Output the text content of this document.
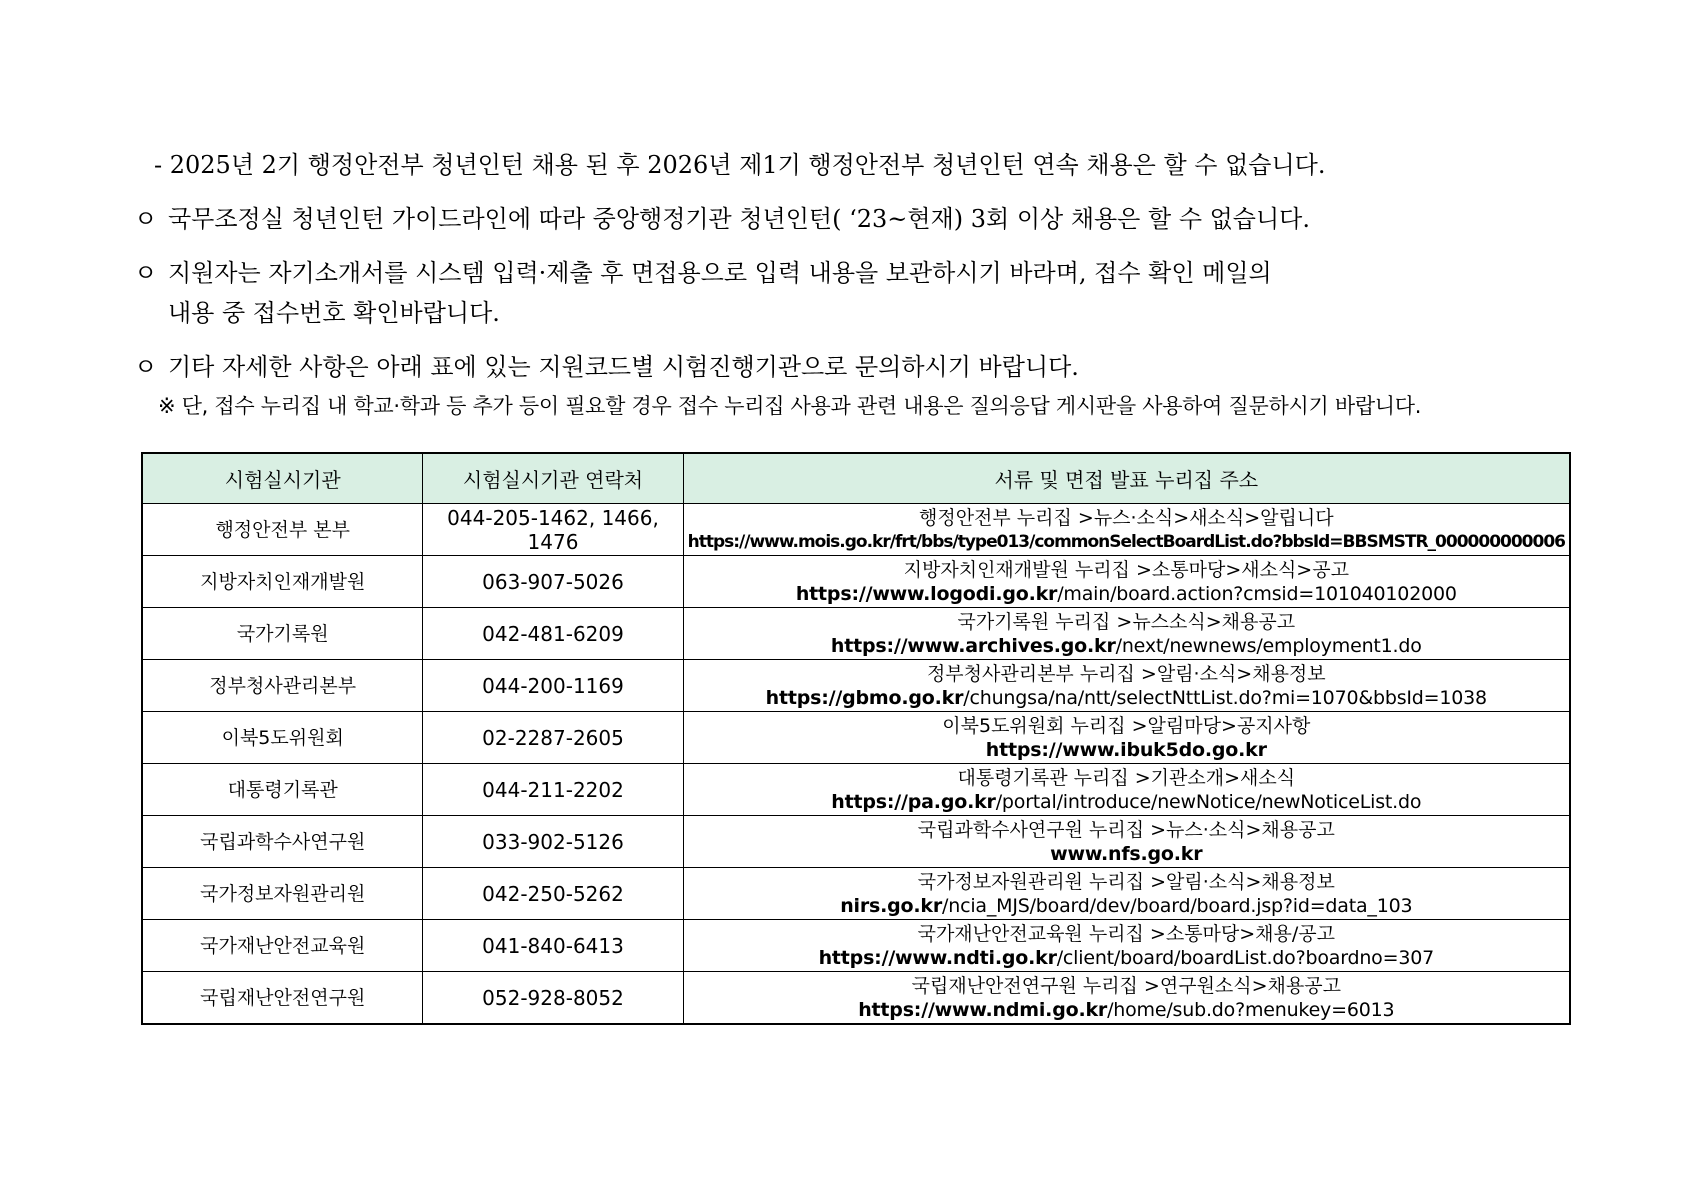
- 2025년 2기 행정안전부 청년인턴 채용 된 후 2026년 제1기 행정안전부 청년인턴 연속 채용은 할 수 없습니다.
ㅇ 국무조정실 청년인턴 가이드라인에 따라 중앙행정기관 청년인턴( ‘23~현재) 3회 이상 채용은 할 수 없습니다.
ㅇ 지원자는 자기소개서를 시스템 입력·제출 후 면접용으로 입력 내용을 보관하시기 바라며, 접수 확인 메일의
내용 중 접수번호 확인바랍니다.
ㅇ 기타 자세한 사항은 아래 표에 있는 지원코드별 시험진행기관으로 문의하시기 바랍니다.
※ 단, 접수 누리집 내 학교·학과 등 추가 등이 필요할 경우 접수 누리집 사용과 관련 내용은 질의응답 게시판을 사용하여 질문하시기 바랍니다.
시험실시기관	시험실시기관 연락처	서류 및 면접 발표 누리집 주소
행정안전부 본부	044-205-1462, 1466, 1476	행정안전부 누리집 >뉴스·소식>새소식>알립니다
https://www.mois.go.kr/frt/bbs/type013/commonSelectBoardList.do?bbsId=BBSMSTR_000000000006

지방자치인재개발원	063-907-5026	지방자치인재개발원 누리집 >소통마당>새소식>공고
https://www.logodi.go.kr/main/board.action?cmsid=101040102000

국가기록원	042-481-6209	국가기록원 누리집 >뉴스소식>채용공고
https://www.archives.go.kr/next/newnews/employment1.do

정부청사관리본부	044-200-1169	정부청사관리본부 누리집 >알림·소식>채용정보
https://gbmo.go.kr/chungsa/na/ntt/selectNttList.do?mi=1070&bbsId=1038

이북5도위원회	02-2287-2605	이북5도위원회 누리집 >알림마당>공지사항
https://www.ibuk5do.go.kr

대통령기록관	044-211-2202	대통령기록관 누리집 >기관소개>새소식
https://pa.go.kr/portal/introduce/newNotice/newNoticeList.do

국립과학수사연구원	033-902-5126	국립과학수사연구원 누리집 >뉴스·소식>채용공고
www.nfs.go.kr

국가정보자원관리원	042-250-5262	국가정보자원관리원 누리집 >알림·소식>채용정보
nirs.go.kr/ncia_MJS/board/dev/board/board.jsp?id=data_103

국가재난안전교육원	041-840-6413	국가재난안전교육원 누리집 >소통마당>채용/공고
https://www.ndti.go.kr/client/board/boardList.do?boardno=307

국립재난안전연구원	052-928-8052	국립재난안전연구원 누리집 >연구원소식>채용공고
https://www.ndmi.go.kr/home/sub.do?menukey=6013
